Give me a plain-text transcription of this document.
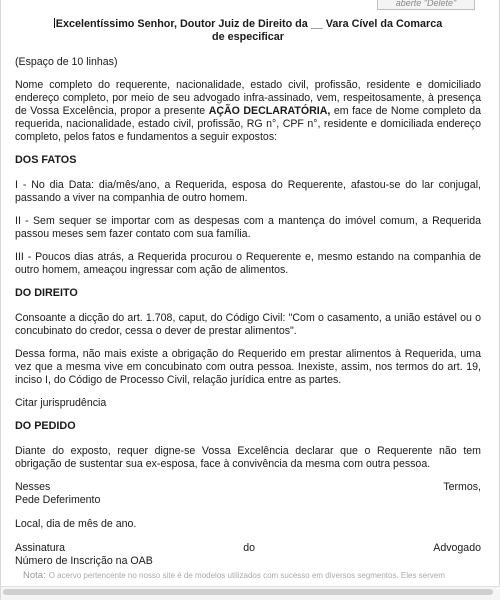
aberte "Delete"
Excelentíssimo Senhor, Doutor Juiz de Direito da __ Vara Cível da Comarca
de especificar

(Espaço de 10 linhas)

Nome completo do requerente, nacionalidade, estado civil, profissão, residente e domiciliado endereço completo, por meio de seu advogado infra-assinado, vem, respeitosamente, à presença de Vossa Excelência, propor a presente AÇÃO DECLARATÓRIA, em face de Nome completo da requerida, nacionalidade, estado civil, profissão, RG n°, CPF n°, residente e domiciliada endereço completo, pelos fatos e fundamentos a seguir expostos:

DOS FATOS

I - No dia Data: dia/mês/ano, a Requerida, esposa do Requerente, afastou-se do lar conjugal, passando a viver na companhia de outro homem.

II - Sem sequer se importar com as despesas com a mantença do imóvel comum, a Requerida passou meses sem fazer contato com sua família.

III - Poucos dias atrás, a Requerida procurou o Requerente e, mesmo estando na companhia de outro homem, ameaçou ingressar com ação de alimentos.

DO DIREITO

Consoante a dicção do art. 1.708, caput, do Código Civil: "Com o casamento, a união estável ou o concubinato do credor, cessa o dever de prestar alimentos".

Dessa forma, não mais existe a obrigação do Requerido em prestar alimentos à Requerida, uma vez que a mesma vive em concubinato com outra pessoa. Inexiste, assim, nos termos do art. 19, inciso I, do Código de Processo Civil, relação jurídica entre as partes.

Citar jurisprudência

DO PEDIDO

Diante do exposto, requer digne-se Vossa Excelência declarar que o Requerente não tem obrigação de sustentar sua ex-esposa, face à convivência da mesma com outra pessoa.

Nesses	Termos,
Pede Deferimento
Local, dia de mês de ano.
Assinatura	do	Advogado
Número de Inscrição na OAB
Nota: O acervo pertencente no nosso site é de modelos utilizados com sucesso em diversos segmentos. Eles servem
